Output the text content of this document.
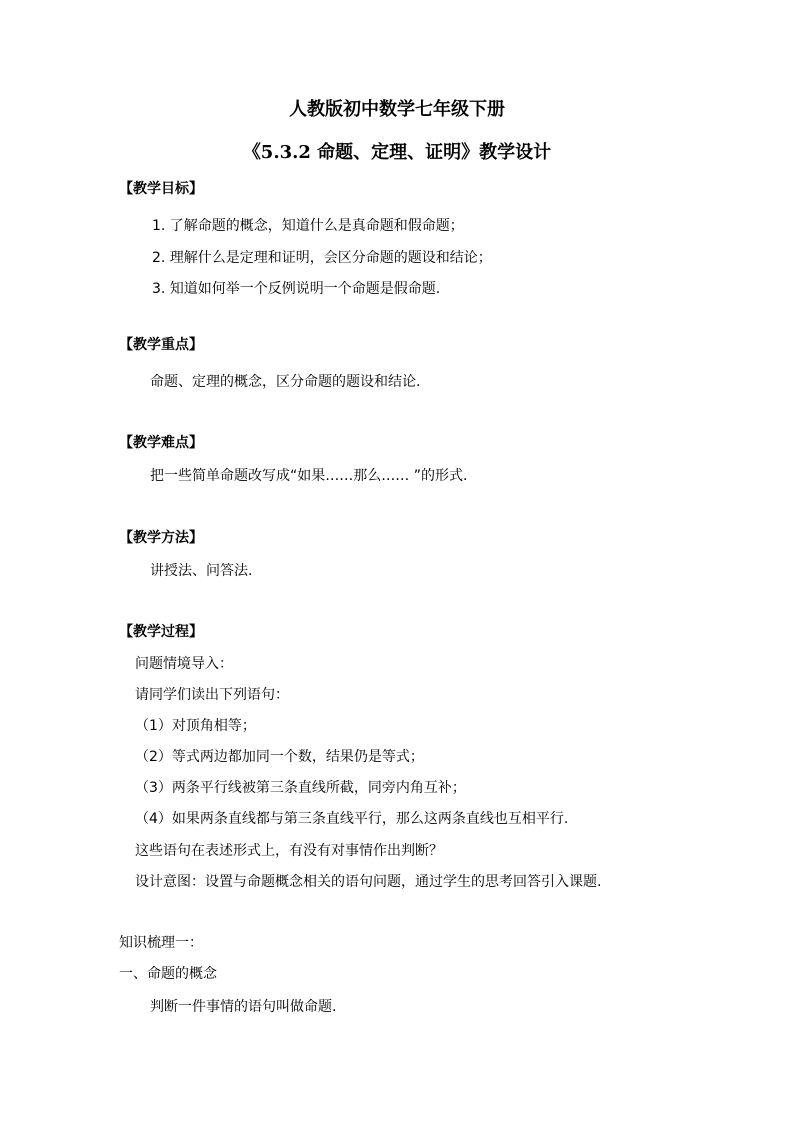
人教版初中数学七年级下册
《5.3.2 命题、定理、证明》教学设计
【教学目标】
1. 了解命题的概念，知道什么是真命题和假命题；
2. 理解什么是定理和证明，会区分命题的题设和结论；
3. 知道如何举一个反例说明一个命题是假命题.
【教学重点】
命题、定理的概念，区分命题的题设和结论.
【教学难点】
把一些简单命题改写成“如果……那么…… ”的形式.
【教学方法】
讲授法、问答法.
【教学过程】
问题情境导入：
请同学们读出下列语句：
（1）对顶角相等；
（2）等式两边都加同一个数，结果仍是等式；
（3）两条平行线被第三条直线所截，同旁内角互补；
（4）如果两条直线都与第三条直线平行，那么这两条直线也互相平行.
这些语句在表述形式上，有没有对事情作出判断？
设计意图：设置与命题概念相关的语句问题，通过学生的思考回答引入课题.
知识梳理一：
一、命题的概念
判断一件事情的语句叫做命题.
